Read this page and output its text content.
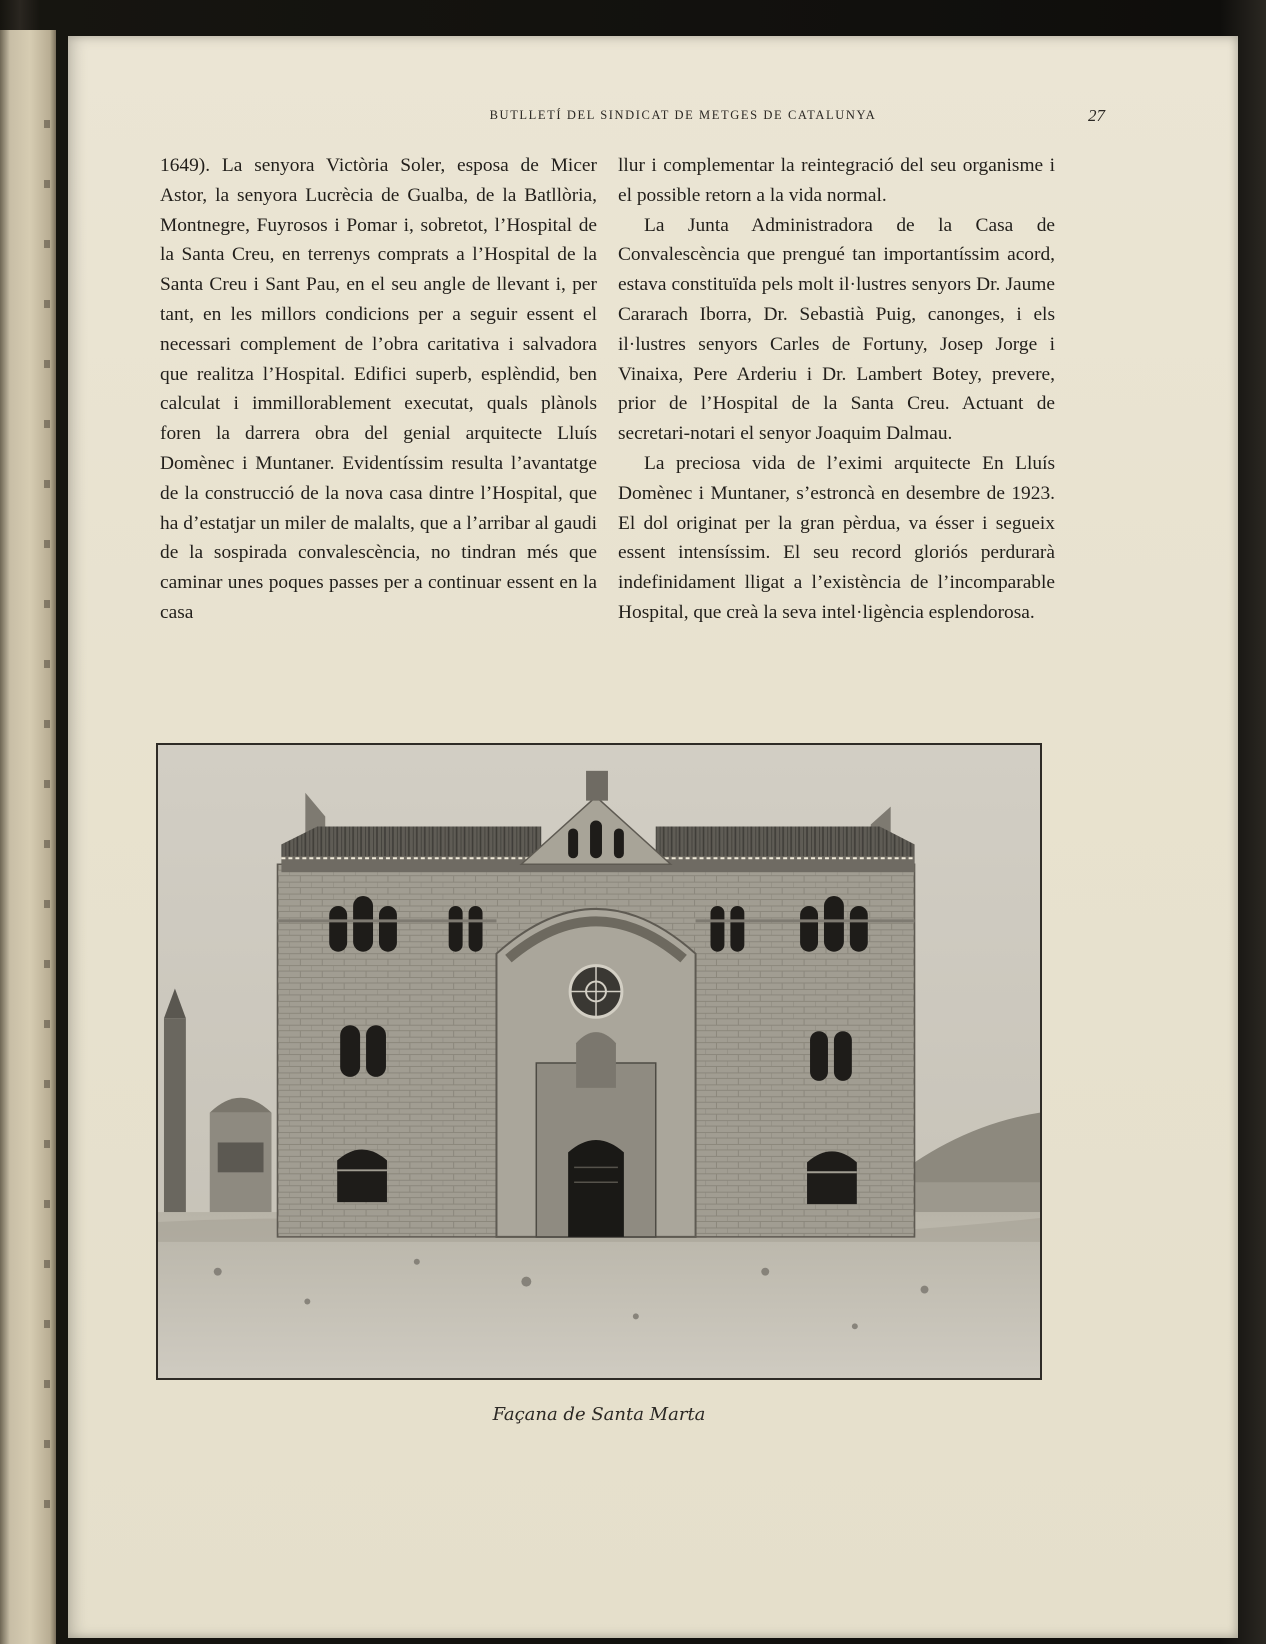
BUTLLETÍ DEL SINDICAT DE METGES DE CATALUNYA	27

1649). La senyora Victòria Soler, esposa de Micer Astor, la senyora Lucrècia de Gualba, de la Batllòria, Montnegre, Fuyrosos i Pomar i, sobretot, l’Hospital de la Santa Creu, en terrenys comprats a l’Hospital de la Santa Creu i Sant Pau, en el seu angle de llevant i, per tant, en les millors condicions per a seguir essent el necessari complement de l’obra caritativa i salvadora que realitza l’Hospital. Edifici superb, esplèndid, ben calculat i immillorablement executat, quals plànols foren la darrera obra del genial arquitecte Lluís Domènec i Muntaner. Evidentíssim resulta l’avantatge de la construcció de la nova casa dintre l’Hospital, que ha d’estatjar un miler de malalts, que a l’arribar al gaudi de la sospirada convalescència, no tindran més que caminar unes poques passes per a continuar essent en la casa

llur i complementar la reintegració del seu organisme i el possible retorn a la vida normal.

La Junta Administradora de la Casa de Convalescència que prengué tan importantíssim acord, estava constituïda pels molt il·lustres senyors Dr. Jaume Cararach Iborra, Dr. Sebastià Puig, canonges, i els il·lustres senyors Carles de Fortuny, Josep Jorge i Vinaixa, Pere Arderiu i Dr. Lambert Botey, prevere, prior de l’Hospital de la Santa Creu. Actuant de secretari-notari el senyor Joaquim Dalmau.

La preciosa vida de l’eximi arquitecte En Lluís Domènec i Muntaner, s’estroncà en desembre de 1923. El dol originat per la gran pèrdua, va ésser i segueix essent intensíssim. El seu record gloriós perdurarà indefinidament lligat a l’existència de l’incomparable Hospital, que creà la seva intel·ligència esplendorosa.

Façana de Santa Marta
